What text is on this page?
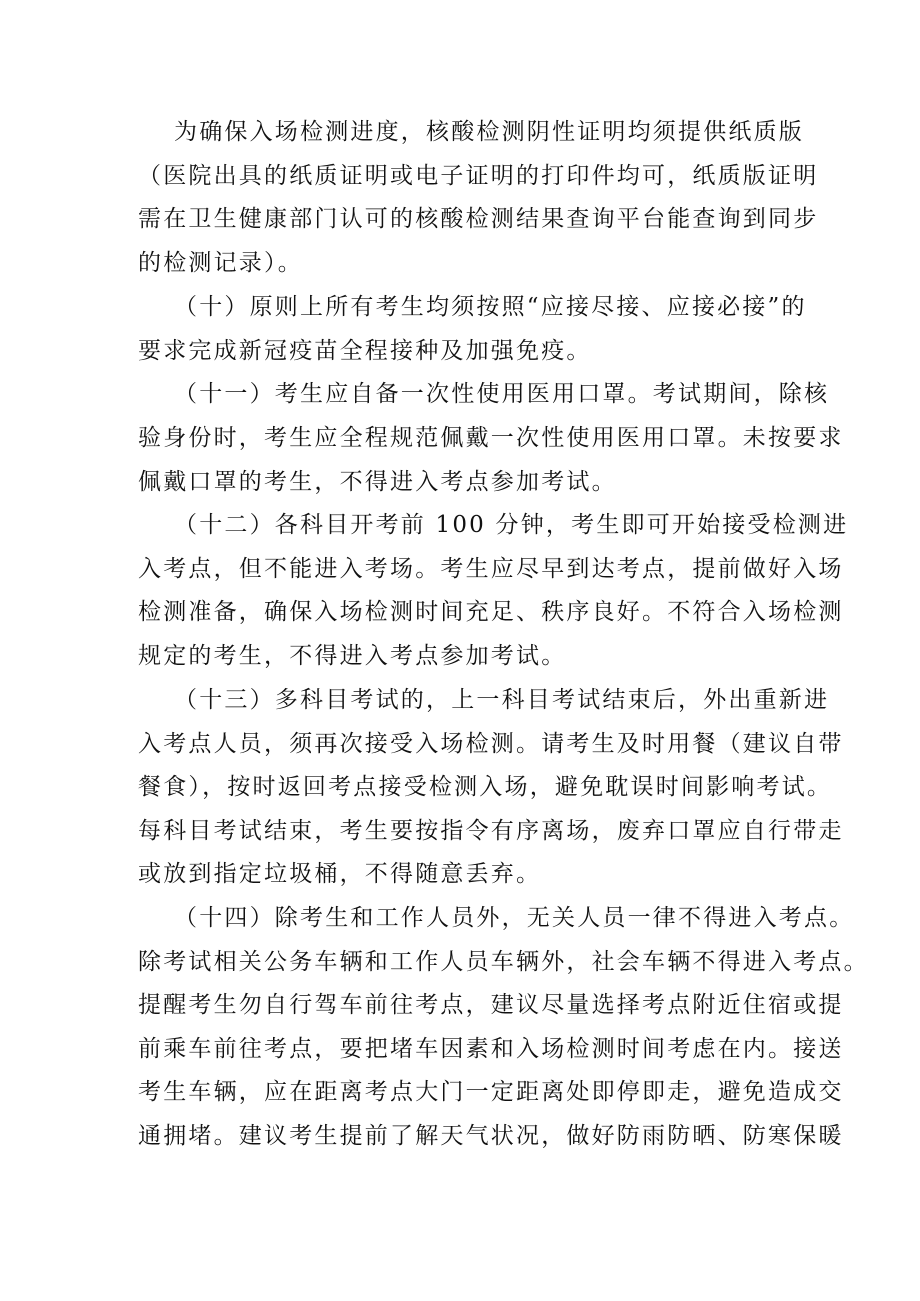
为确保入场检测进度，核酸检测阴性证明均须提供纸质版
（医院出具的纸质证明或电子证明的打印件均可，纸质版证明
需在卫生健康部门认可的核酸检测结果查询平台能查询到同步
的检测记录）。
（十）原则上所有考生均须按照“应接尽接、应接必接”的
要求完成新冠疫苗全程接种及加强免疫。
（十一）考生应自备一次性使用医用口罩。考试期间，除核
验身份时，考生应全程规范佩戴一次性使用医用口罩。未按要求
佩戴口罩的考生，不得进入考点参加考试。
（十二）各科目开考前 100 分钟，考生即可开始接受检测进
入考点，但不能进入考场。考生应尽早到达考点，提前做好入场
检测准备，确保入场检测时间充足、秩序良好。不符合入场检测
规定的考生，不得进入考点参加考试。
（十三）多科目考试的，上一科目考试结束后，外出重新进
入考点人员，须再次接受入场检测。请考生及时用餐（建议自带
餐食），按时返回考点接受检测入场，避免耽误时间影响考试。
每科目考试结束，考生要按指令有序离场，废弃口罩应自行带走
或放到指定垃圾桶，不得随意丢弃。
（十四）除考生和工作人员外，无关人员一律不得进入考点。
除考试相关公务车辆和工作人员车辆外，社会车辆不得进入考点。
提醒考生勿自行驾车前往考点，建议尽量选择考点附近住宿或提
前乘车前往考点，要把堵车因素和入场检测时间考虑在内。接送
考生车辆，应在距离考点大门一定距离处即停即走，避免造成交
通拥堵。建议考生提前了解天气状况，做好防雨防晒、防寒保暖
